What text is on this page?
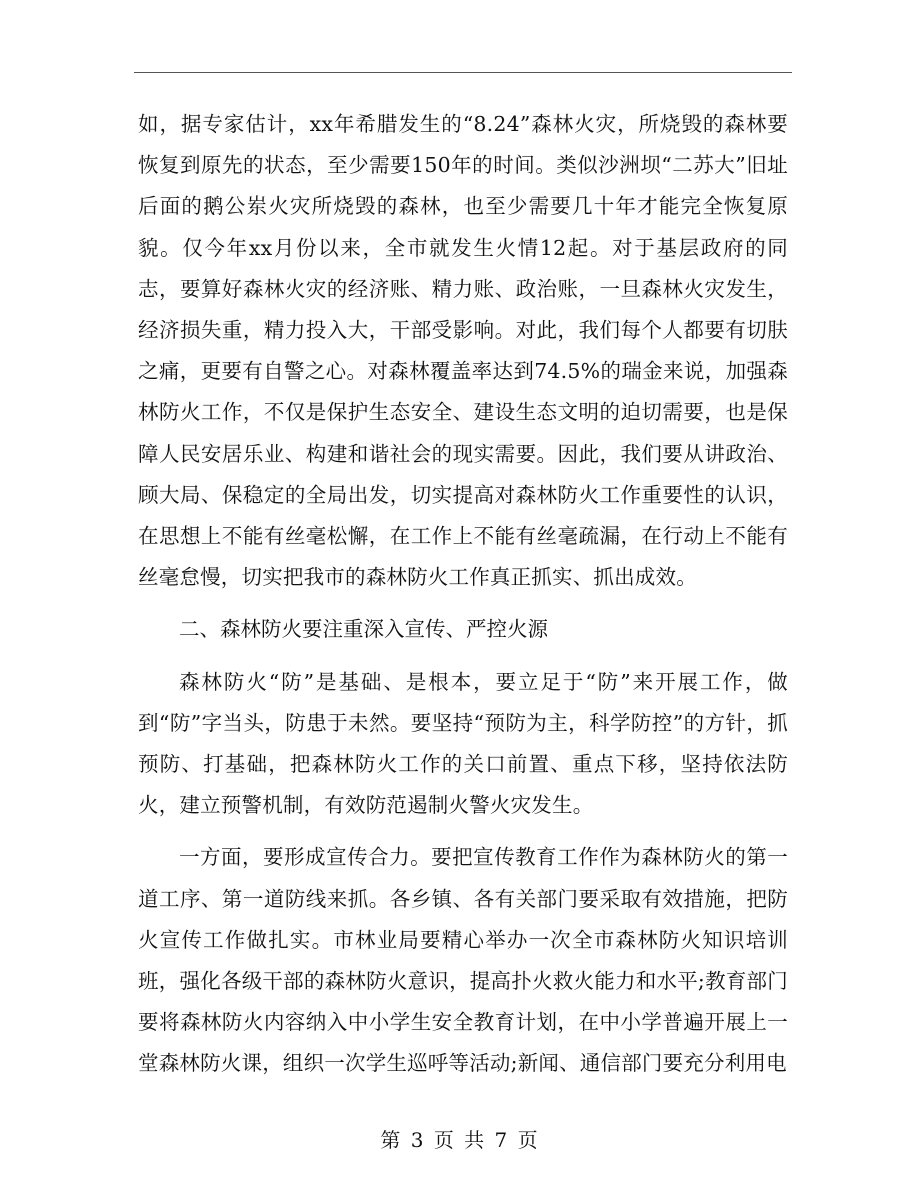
如，据专家估计，xx年希腊发生的“8.24”森林火灾，所烧毁的森林要恢复到原先的状态，至少需要150年的时间。类似沙洲坝“二苏大”旧址后面的鹅公岽火灾所烧毁的森林，也至少需要几十年才能完全恢复原貌。仅今年xx月份以来，全市就发生火情12起。对于基层政府的同志，要算好森林火灾的经济账、精力账、政治账，一旦森林火灾发生，经济损失重，精力投入大，干部受影响。对此，我们每个人都要有切肤之痛，更要有自警之心。对森林覆盖率达到74.5%的瑞金来说，加强森林防火工作，不仅是保护生态安全、建设生态文明的迫切需要，也是保障人民安居乐业、构建和谐社会的现实需要。因此，我们要从讲政治、顾大局、保稳定的全局出发，切实提高对森林防火工作重要性的认识，在思想上不能有丝毫松懈，在工作上不能有丝毫疏漏，在行动上不能有丝毫怠慢，切实把我市的森林防火工作真正抓实、抓出成效。

二、森林防火要注重深入宣传、严控火源

森林防火“防”是基础、是根本，要立足于“防”来开展工作，做到“防”字当头，防患于未然。要坚持“预防为主，科学防控”的方针，抓预防、打基础，把森林防火工作的关口前置、重点下移，坚持依法防火，建立预警机制，有效防范遏制火警火灾发生。

一方面，要形成宣传合力。要把宣传教育工作作为森林防火的第一道工序、第一道防线来抓。各乡镇、各有关部门要采取有效措施，把防火宣传工作做扎实。市林业局要精心举办一次全市森林防火知识培训班，强化各级干部的森林防火意识，提高扑火救火能力和水平;教育部门要将森林防火内容纳入中小学生安全教育计划，在中小学普遍开展上一堂森林防火课，组织一次学生巡呼等活动;新闻、通信部门要充分利用电

第 3 页 共 7 页
